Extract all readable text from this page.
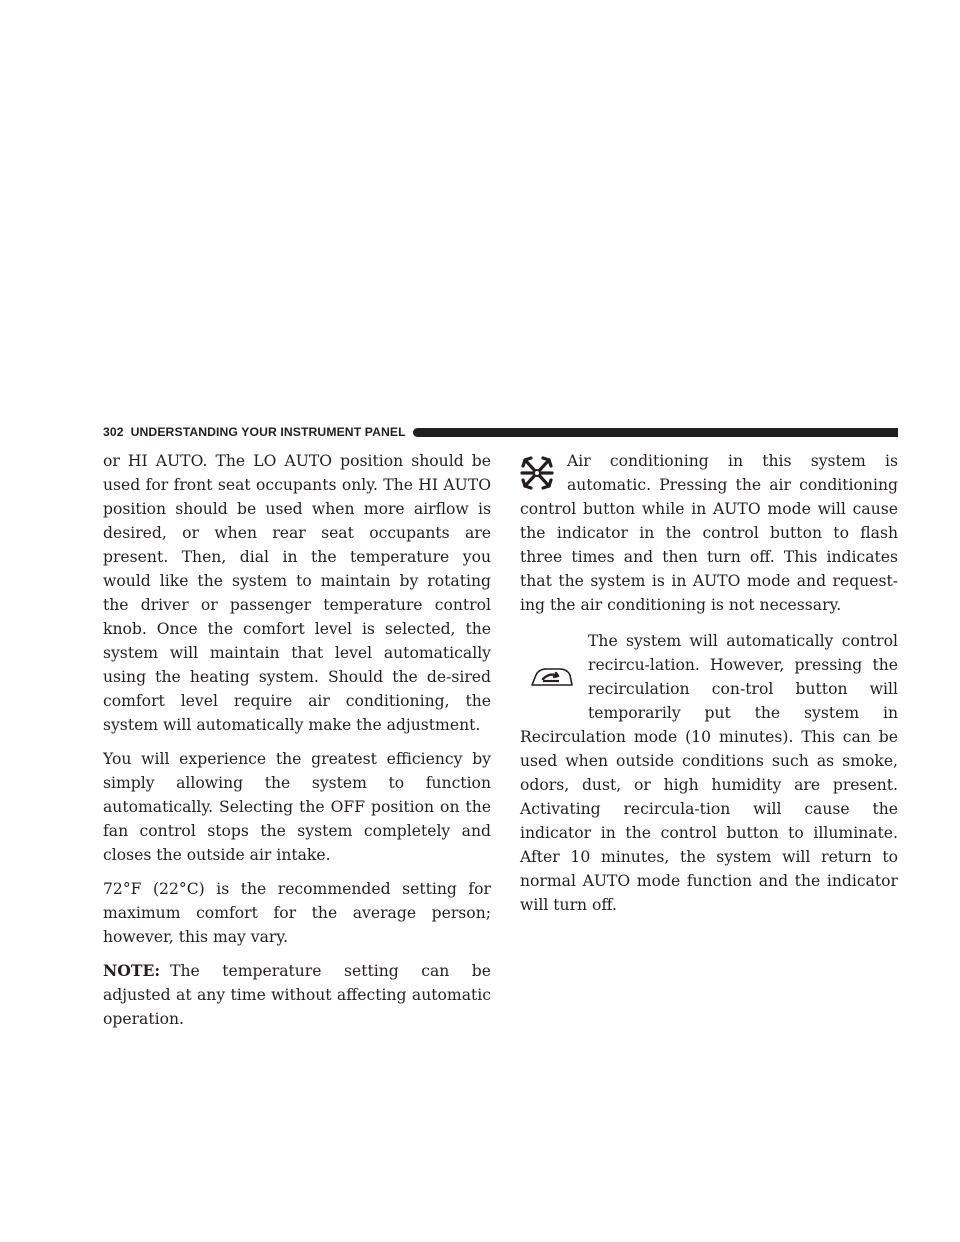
302 UNDERSTANDING YOUR INSTRUMENT PANEL

or HI AUTO. The LO AUTO position should be used for front seat occupants only. The HI AUTO position should be used when more airflow is desired, or when rear seat occupants are present. Then, dial in the temperature you would like the system to maintain by rotating the driver or passenger temperature control knob. Once the comfort level is selected, the system will maintain that level automatically using the heating system. Should the de-sired comfort level require air conditioning, the system will automatically make the adjustment.

You will experience the greatest efficiency by simply allowing the system to function automatically. Selecting the OFF position on the fan control stops the system completely and closes the outside air intake.

72°F (22°C) is the recommended setting for maximum comfort for the average person; however, this may vary.

NOTE: The temperature setting can be adjusted at any time without affecting automatic operation.

Air conditioning in this system is automatic. Pressing the air conditioning control button while in AUTO mode will cause the indicator in the control button to flash three times and then turn off. This indicates that the system is in AUTO mode and request-ing the air conditioning is not necessary.

The system will automatically control recircu-lation. However, pressing the recirculation con-trol button will temporarily put the system in Recirculation mode (10 minutes). This can be used when outside conditions such as smoke, odors, dust, or high humidity are present. Activating recircula-tion will cause the indicator in the control button to illuminate. After 10 minutes, the system will return to normal AUTO mode function and the indicator will turn off.
